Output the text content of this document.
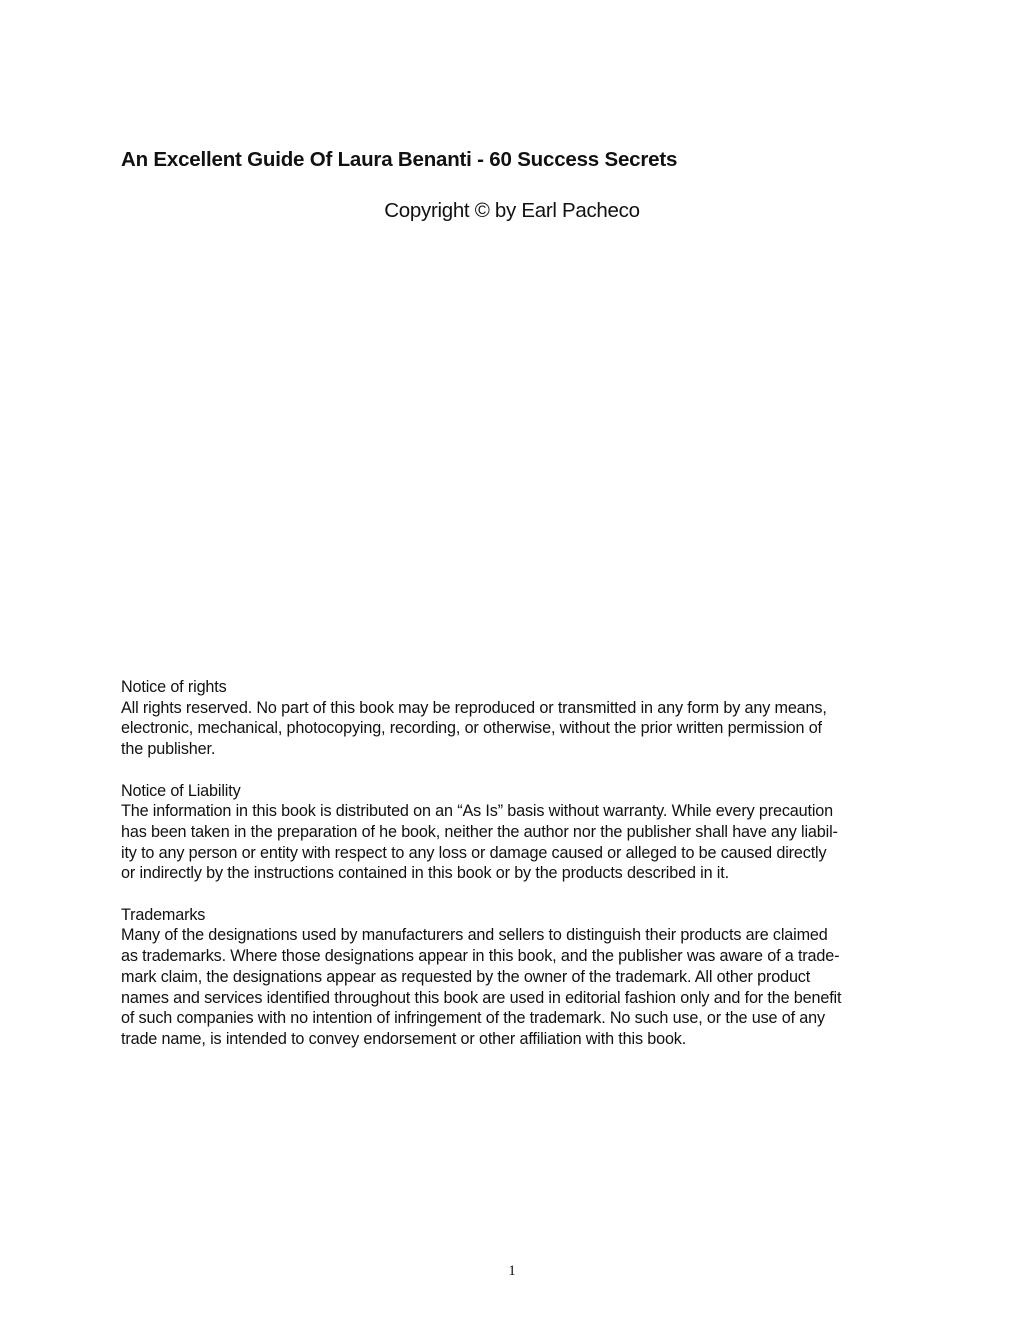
An Excellent Guide Of Laura Benanti - 60 Success Secrets

Copyright © by Earl Pacheco

Notice of rights
All rights reserved. No part of this book may be reproduced or transmitted in any form by any means,
electronic, mechanical, photocopying, recording, or otherwise, without the prior written permission of
the publisher.
Notice of Liability
The information in this book is distributed on an “As Is” basis without warranty. While every precaution
has been taken in the preparation of he book, neither the author nor the publisher shall have any liabil-
ity to any person or entity with respect to any loss or damage caused or alleged to be caused directly
or indirectly by the instructions contained in this book or by the products described in it.
Trademarks
Many of the designations used by manufacturers and sellers to distinguish their products are claimed
as trademarks. Where those designations appear in this book, and the publisher was aware of a trade-
mark claim, the designations appear as requested by the owner of the trademark. All other product
names and services identified throughout this book are used in editorial fashion only and for the benefit
of such companies with no intention of infringement of the trademark. No such use, or the use of any
trade name, is intended to convey endorsement or other affiliation with this book.
1
